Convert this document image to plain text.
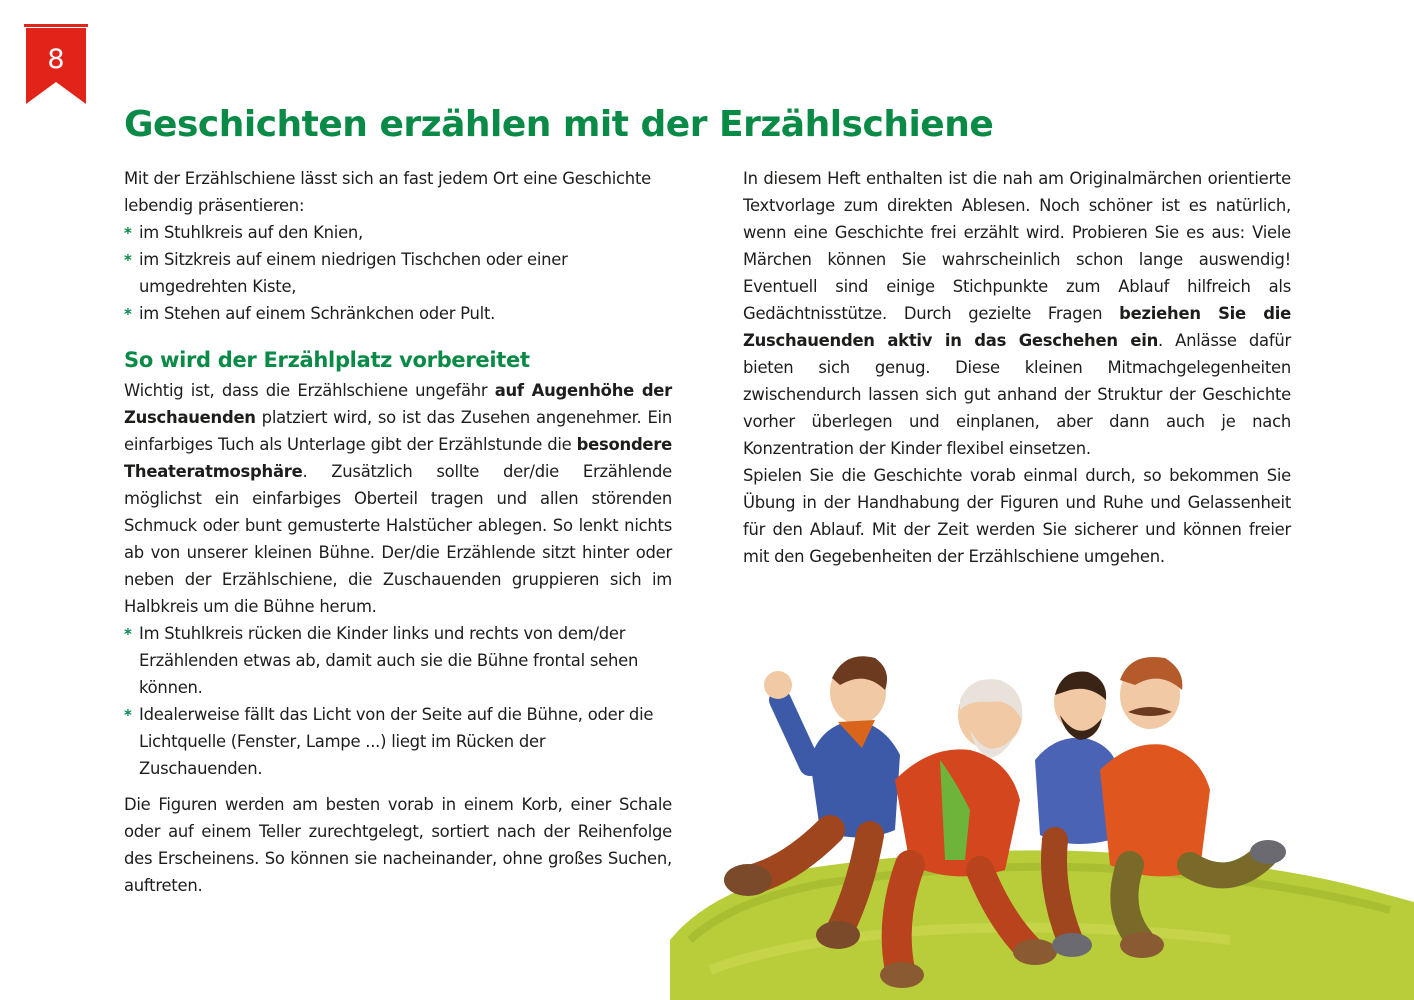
8
Geschichten erzählen mit der Erzählschiene

Mit der Erzählschiene lässt sich an fast jedem Ort eine Geschichte lebendig präsentieren:

* im Stuhlkreis auf den Knien,
* im Sitzkreis auf einem niedrigen Tischchen oder einer umgedrehten Kiste,
* im Stehen auf einem Schränkchen oder Pult.
So wird der Erzählplatz vorbereitet

Wichtig ist, dass die Erzählschiene ungefähr auf Augenhöhe der Zuschauenden platziert wird, so ist das Zusehen angenehmer. Ein einfarbiges Tuch als Unterlage gibt der Erzählstunde die besondere Theateratmosphäre. Zusätzlich sollte der/die Erzählende möglichst ein einfarbiges Oberteil tragen und allen störenden Schmuck oder bunt gemusterte Halstücher ablegen. So lenkt nichts ab von unserer kleinen Bühne. Der/die Erzählende sitzt hinter oder neben der Erzählschiene, die Zuschauenden gruppieren sich im Halbkreis um die Bühne herum.

* Im Stuhlkreis rücken die Kinder links und rechts von dem/der Erzählenden etwas ab, damit auch sie die Bühne frontal sehen können.
* Idealerweise fällt das Licht von der Seite auf die Bühne, oder die Lichtquelle (Fenster, Lampe ...) liegt im Rücken der Zuschauenden.

Die Figuren werden am besten vorab in einem Korb, einer Schale oder auf einem Teller zurechtgelegt, sortiert nach der Reihenfolge des Erscheinens. So können sie nacheinander, ohne großes Suchen, auftreten.

In diesem Heft enthalten ist die nah am Originalmärchen orientierte Textvorlage zum direkten Ablesen. Noch schöner ist es natürlich, wenn eine Geschichte frei erzählt wird. Probieren Sie es aus: Viele Märchen können Sie wahrscheinlich schon lange auswendig! Eventuell sind einige Stichpunkte zum Ablauf hilfreich als Gedächtnisstütze. Durch gezielte Fragen beziehen Sie die Zuschauenden aktiv in das Geschehen ein. Anlässe dafür bieten sich genug. Diese kleinen Mitmachgelegenheiten zwischendurch lassen sich gut anhand der Struktur der Geschichte vorher überlegen und einplanen, aber dann auch je nach Konzentration der Kinder flexibel einsetzen.

Spielen Sie die Geschichte vorab einmal durch, so bekommen Sie Übung in der Handhabung der Figuren und Ruhe und Gelassenheit für den Ablauf. Mit der Zeit werden Sie sicherer und können freier mit den Gegebenheiten der Erzählschiene umgehen.
